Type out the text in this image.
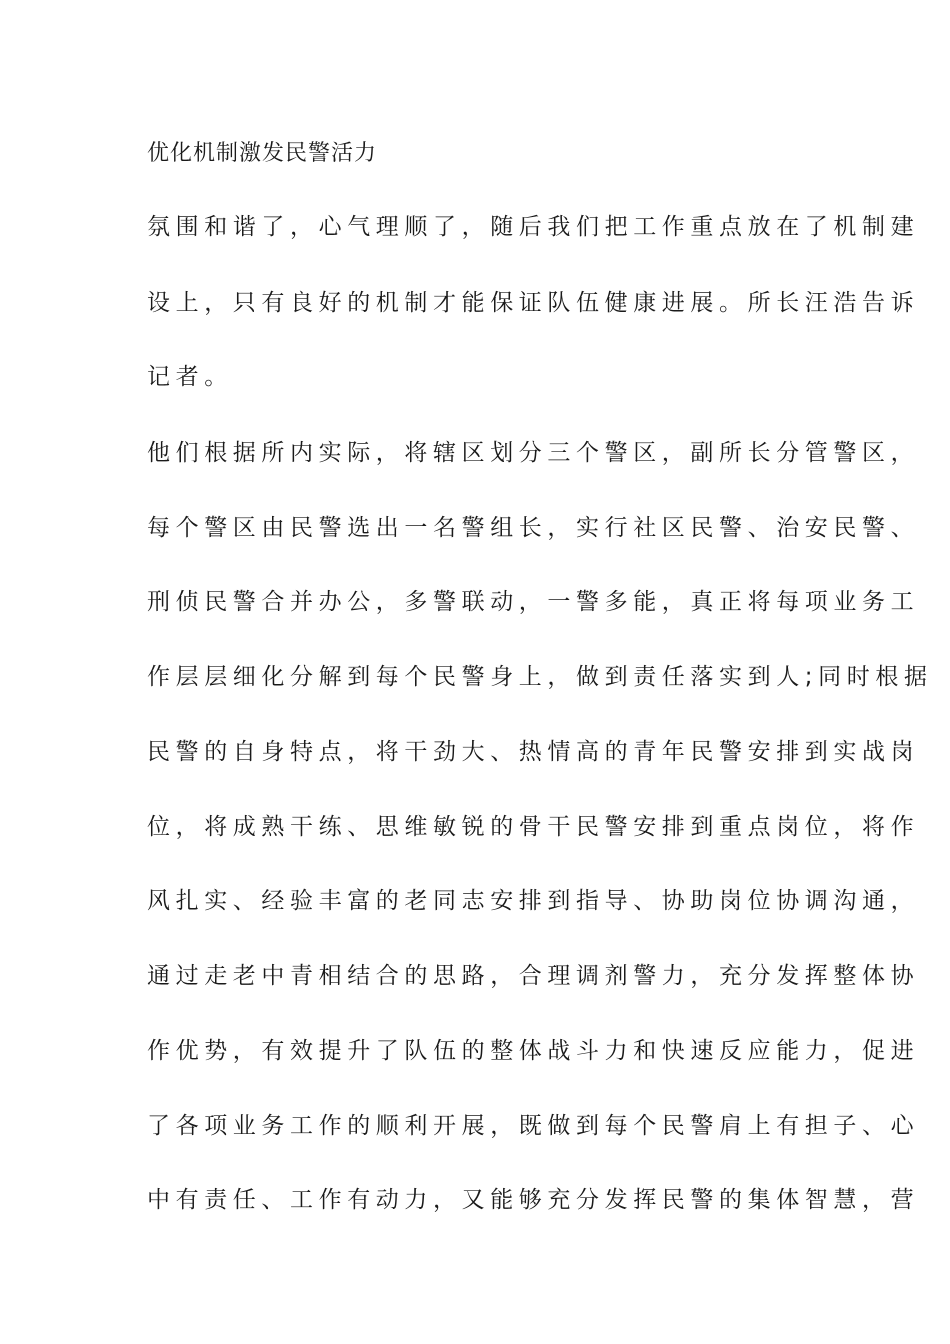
优化机制激发民警活力
氛围和谐了，心气理顺了，随后我们把工作重点放在了机制建
设上，只有良好的机制才能保证队伍健康进展。所长汪浩告诉
记者。
他们根据所内实际，将辖区划分三个警区，副所长分管警区，
每个警区由民警选出一名警组长，实行社区民警、治安民警、
刑侦民警合并办公，多警联动，一警多能，真正将每项业务工
作层层细化分解到每个民警身上，做到责任落实到人;同时根据
民警的自身特点，将干劲大、热情高的青年民警安排到实战岗
位，将成熟干练、思维敏锐的骨干民警安排到重点岗位，将作
风扎实、经验丰富的老同志安排到指导、协助岗位协调沟通，
通过走老中青相结合的思路，合理调剂警力，充分发挥整体协
作优势，有效提升了队伍的整体战斗力和快速反应能力，促进
了各项业务工作的顺利开展，既做到每个民警肩上有担子、心
中有责任、工作有动力，又能够充分发挥民警的集体智慧，营
